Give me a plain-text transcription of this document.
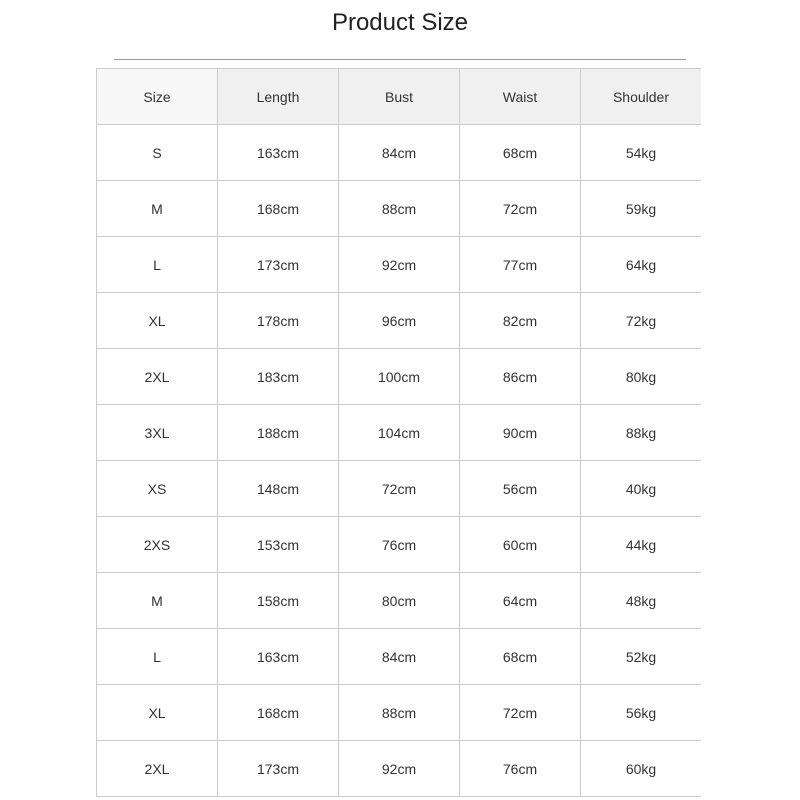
Product Size
Size	Length	Bust	Waist	Shoulder
S	163cm	84cm	68cm	54kg
M	168cm	88cm	72cm	59kg
L	173cm	92cm	77cm	64kg
XL	178cm	96cm	82cm	72kg
2XL	183cm	100cm	86cm	80kg
3XL	188cm	104cm	90cm	88kg
XS	148cm	72cm	56cm	40kg
2XS	153cm	76cm	60cm	44kg
M	158cm	80cm	64cm	48kg
L	163cm	84cm	68cm	52kg
XL	168cm	88cm	72cm	56kg
2XL	173cm	92cm	76cm	60kg
